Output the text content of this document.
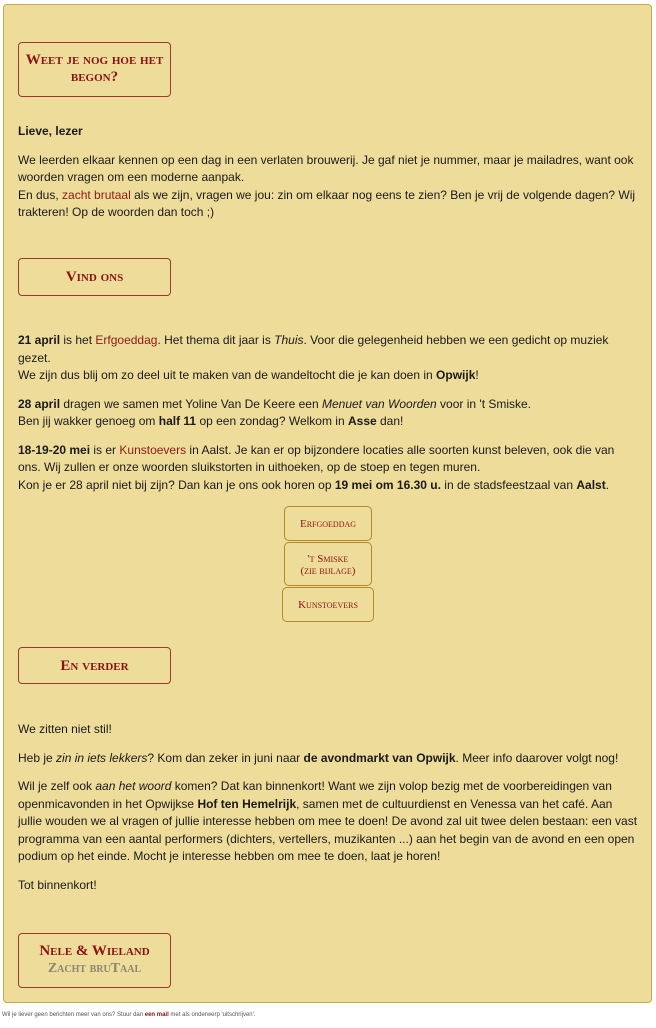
Weet je nog hoe het
begon?

Lieve, lezer

We leerden elkaar kennen op een dag in een verlaten brouwerij. Je gaf niet je nummer, maar je mailadres, want ook woorden vragen om een moderne aanpak.

En dus, zacht brutaal als we zijn, vragen we jou: zin om elkaar nog eens te zien? Ben je vrij de volgende dagen? Wij trakteren! Op de woorden dan toch ;)

Vind ons

21 april is het Erfgoeddag. Het thema dit jaar is Thuis. Voor die gelegenheid hebben we een gedicht op muziek gezet.
We zijn dus blij om zo deel uit te maken van de wandeltocht die je kan doen in Opwijk!

28 april dragen we samen met Yoline Van De Keere een Menuet van Woorden voor in 't Smiske.
Ben jij wakker genoeg om half 11 op een zondag? Welkom in Asse dan!

18-19-20 mei is er Kunstoevers in Aalst. Je kan er op bijzondere locaties alle soorten kunst beleven, ook die van ons. Wij zullen er onze woorden sluikstorten in uithoeken, op de stoep en tegen muren.
Kon je er 28 april niet bij zijn? Dan kan je ons ook horen op 19 mei om 16.30 u. in de stadsfeestzaal van Aalst.

Erfgoeddag
't Smiske
(zie bijlage)
Kunstoevers
En verder

We zitten niet stil!

Heb je zin in iets lekkers? Kom dan zeker in juni naar de avondmarkt van Opwijk. Meer info daarover volgt nog!

Wil je zelf ook aan het woord komen? Dat kan binnenkort! Want we zijn volop bezig met de voorbereidingen van openmicavonden in het Opwijkse Hof ten Hemelrijk, samen met de cultuurdienst en Venessa van het café. Aan jullie wouden we al vragen of jullie interesse hebben om mee te doen! De avond zal uit twee delen bestaan: een vast programma van een aantal performers (dichters, vertellers, muzikanten ...) aan het begin van de avond en een open podium op het einde. Mocht je interesse hebben om mee te doen, laat je horen!

Tot binnenkort!

Nele & Wieland
Zacht bruTaal
Wil je liever geen berichten meer van ons? Stuur dan een mail met als onderwerp 'uitschrijven'.
